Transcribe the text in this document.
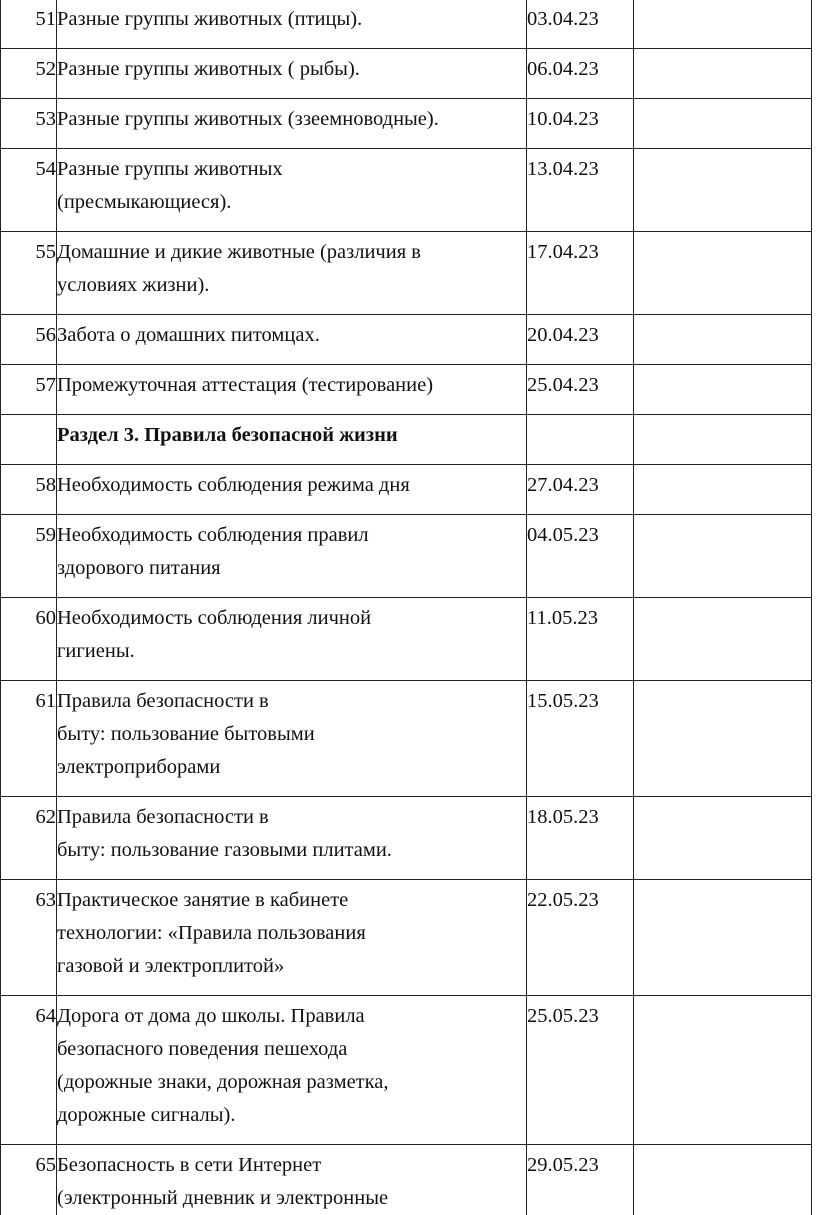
51	Разные группы животных (птицы).	03.04.23	
52	Разные группы животных ( рыбы).	06.04.23	
53	Разные группы животных (ззеемноводные).	10.04.23	
54	Разные группы животных
(пресмыкающиеся).	13.04.23	
55	Домашние и дикие животные (различия в
условиях жизни).	17.04.23	
56	Забота о домашних питомцах.	20.04.23	
57	Промежуточная аттестация (тестирование)	25.04.23	
	Раздел 3. Правила безопасной жизни		
58	Необходимость соблюдения режима дня	27.04.23	
59	Необходимость соблюдения правил
здорового питания	04.05.23	
60	Необходимость соблюдения личной
гигиены.	11.05.23	
61	Правила безопасности в
быту: пользование бытовыми
электроприборами	15.05.23	
62	Правила безопасности в
быту: пользование газовыми плитами.	18.05.23	
63	Практическое занятие в кабинете
технологии: «Правила пользования
газовой и электроплитой»	22.05.23	
64	Дорога от дома до школы. Правила
безопасного поведения пешехода
(дорожные знаки, дорожная разметка,
дорожные сигналы).	25.05.23	
65	Безопасность в сети Интернет
(электронный дневник и электронные	29.05.23	
